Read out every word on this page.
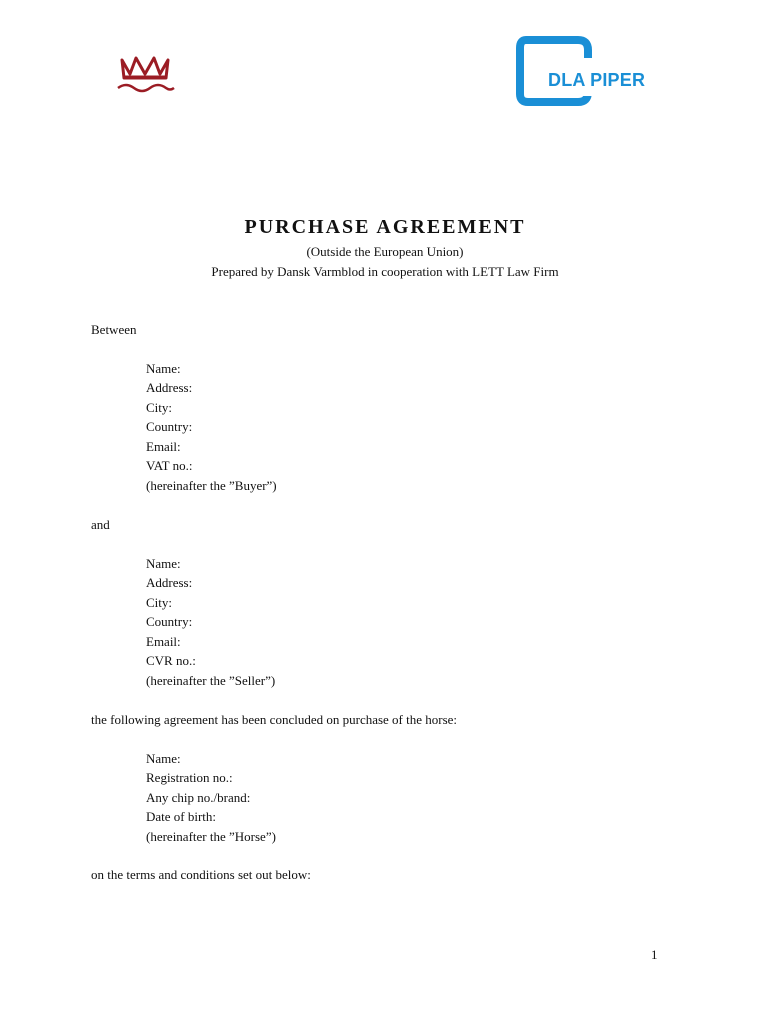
DLA PIPER
PURCHASE AGREEMENT
(Outside the European Union)
Prepared by Dansk Varmblod in cooperation with LETT Law Firm
Between
Name:
Address:
City:
Country:
Email:
VAT no.:
(hereinafter the ”Buyer”)
and
Name:
Address:
City:
Country:
Email:
CVR no.:
(hereinafter the ”Seller”)
the following agreement has been concluded on purchase of the horse:
Name:
Registration no.:
Any chip no./brand:
Date of birth:
(hereinafter the ”Horse”)
on the terms and conditions set out below:
1
